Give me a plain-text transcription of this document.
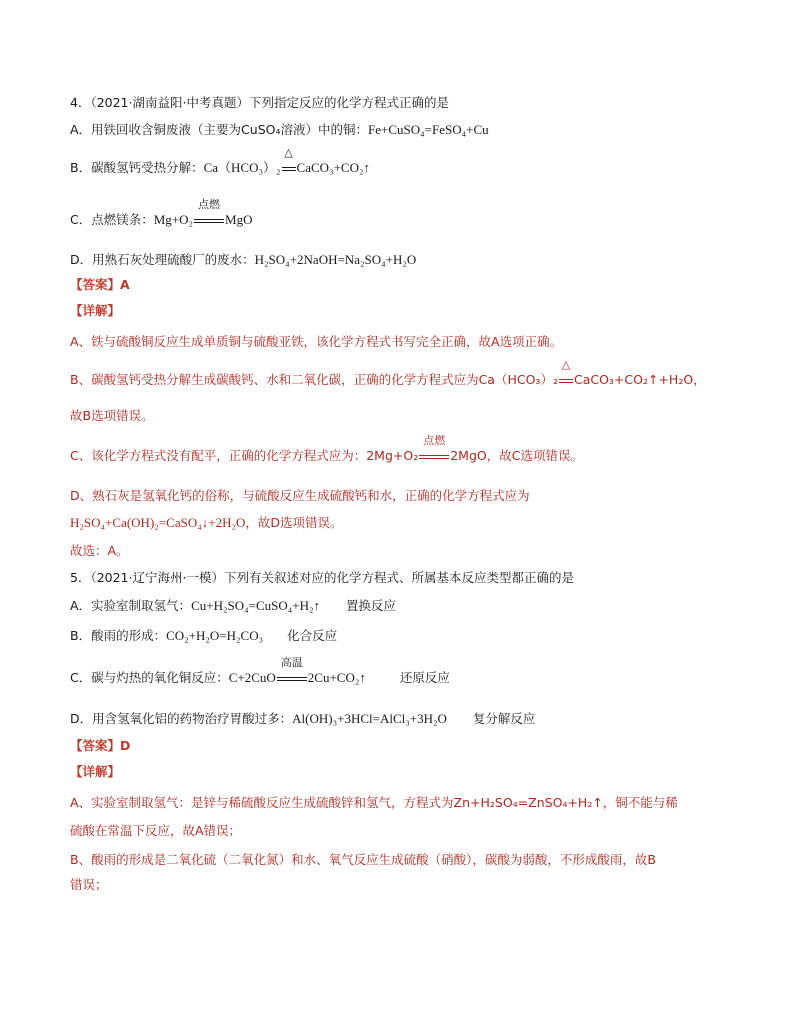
4．（2021·湖南益阳·中考真题）下列指定反应的化学方程式正确的是
A．用铁回收含铜废液（主要为CuSO₄溶液）中的铜：Fe+CuSO₄=FeSO₄+Cu
B．碳酸氢钙受热分解：Ca（HCO₃）₂
△
CaCO₃+CO₂↑
C．点燃镁条：Mg+O₂
点燃
MgO
D．用熟石灰处理硫酸厂的废水：H₂SO₄+2NaOH=Na₂SO₄+H₂O
【答案】A
【详解】
A、铁与硫酸铜反应生成单质铜与硫酸亚铁，该化学方程式书写完全正确，故A选项正确。
B、碳酸氢钙受热分解生成碳酸钙、水和二氧化碳，正确的化学方程式应为Ca（HCO₃）₂
△
CaCO₃+CO₂↑+H₂O，
故B选项错误。
C、该化学方程式没有配平，正确的化学方程式应为：2Mg+O₂
点燃
2MgO，故C选项错误。
D、熟石灰是氢氧化钙的俗称，与硫酸反应生成硫酸钙和水，正确的化学方程式应为
H₂SO₄+Ca(OH)₂=CaSO₄↓+2H₂O，故D选项错误。
故选：A。
5．（2021·辽宁海州·一模）下列有关叙述对应的化学方程式、所属基本反应类型都正确的是
A．实验室制取氢气：Cu+H₂SO₄=CuSO₄+H₂↑ 置换反应
B．酸雨的形成：CO₂+H₂O=H₂CO₃ 化合反应
C．碳与灼热的氧化铜反应：C+2CuO
高温
2Cu+CO₂↑	还原反应
D．用含氢氧化铝的药物治疗胃酸过多：Al(OH)₃+3HCl=AlCl₃+3H₂O 复分解反应
【答案】D
【详解】
A、实验室制取氢气：是锌与稀硫酸反应生成硫酸锌和氢气，方程式为Zn+H₂SO₄=ZnSO₄+H₂↑，铜不能与稀
硫酸在常温下反应，故A错误；
B、酸雨的形成是二氧化硫（二氧化氮）和水、氧气反应生成硫酸（硝酸），碳酸为弱酸，不形成酸雨，故B
错误；
